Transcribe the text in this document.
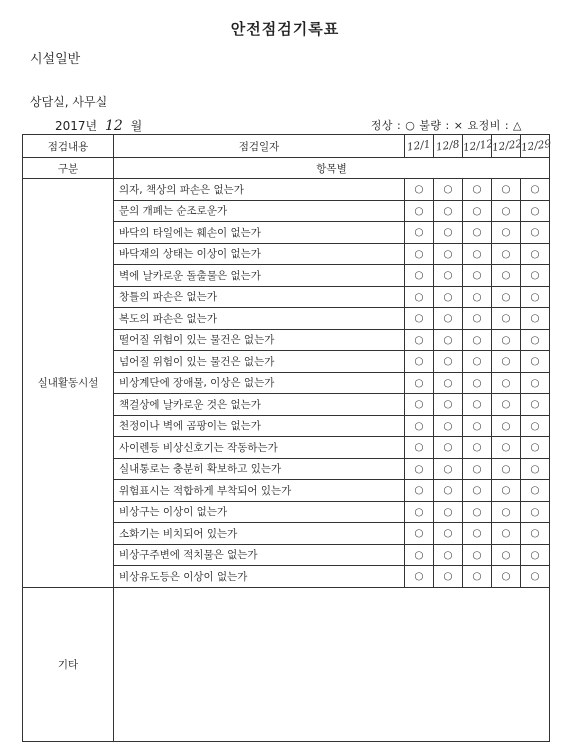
안전점검기록표
시설일반
상담실, 사무실
2017년 12 월	정상 : ○ 불량 : × 요정비 : △
점검내용	점검일자	12/1	12/8	12/12	12/22	12/29
구분	항목별					
실내활동시설	의자, 책상의 파손은 없는가	○	○	○	○	○
	문의 개폐는 순조로운가	○	○	○	○	○
	바닥의 타일에는 훼손이 없는가	○	○	○	○	○
	바닥재의 상태는 이상이 없는가	○	○	○	○	○
	벽에 날카로운 돌출물은 없는가	○	○	○	○	○
	창틀의 파손은 없는가	○	○	○	○	○
	복도의 파손은 없는가	○	○	○	○	○
	떨어질 위험이 있는 물건은 없는가	○	○	○	○	○
	넘어질 위험이 있는 물건은 없는가	○	○	○	○	○
	비상계단에 장애물, 이상은 없는가	○	○	○	○	○
	책걸상에 날카로운 것은 없는가	○	○	○	○	○
	천정이나 벽에 곰팡이는 없는가	○	○	○	○	○
	사이렌등 비상신호기는 작동하는가	○	○	○	○	○
	실내통로는 충분히 확보하고 있는가	○	○	○	○	○
	위험표시는 적합하게 부착되어 있는가	○	○	○	○	○
	비상구는 이상이 없는가	○	○	○	○	○
	소화기는 비치되어 있는가	○	○	○	○	○
	비상구주변에 적치물은 없는가	○	○	○	○	○
	비상유도등은 이상이 없는가	○	○	○	○	○
기타						
